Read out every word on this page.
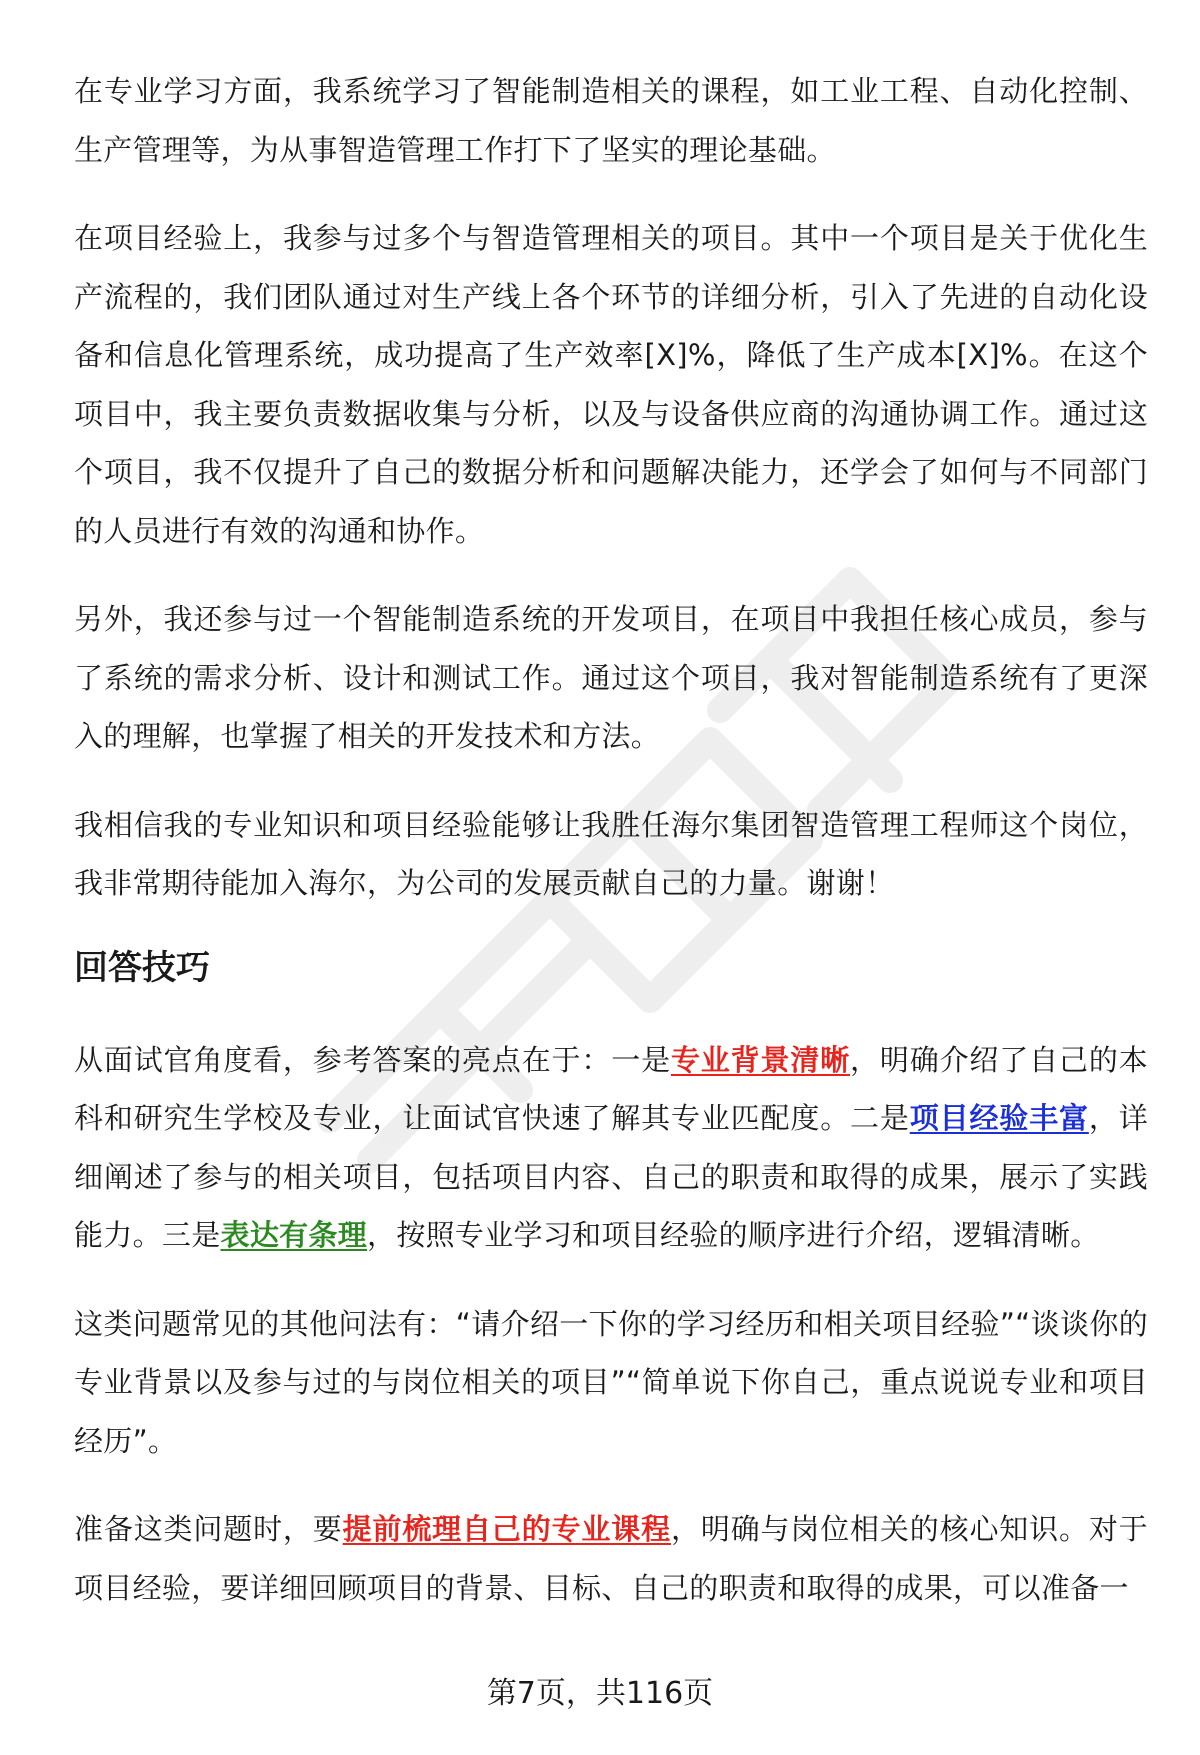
在专业学习方面，我系统学习了智能制造相关的课程，如工业工程、自动化控制、生产管理等，为从事智造管理工作打下了坚实的理论基础。

在项目经验上，我参与过多个与智造管理相关的项目。其中一个项目是关于优化生产流程的，我们团队通过对生产线上各个环节的详细分析，引入了先进的自动化设备和信息化管理系统，成功提高了生产效率[X]%，降低了生产成本[X]%。在这个项目中，我主要负责数据收集与分析，以及与设备供应商的沟通协调工作。通过这个项目，我不仅提升了自己的数据分析和问题解决能力，还学会了如何与不同部门的人员进行有效的沟通和协作。

另外，我还参与过一个智能制造系统的开发项目，在项目中我担任核心成员，参与了系统的需求分析、设计和测试工作。通过这个项目，我对智能制造系统有了更深入的理解，也掌握了相关的开发技术和方法。

我相信我的专业知识和项目经验能够让我胜任海尔集团智造管理工程师这个岗位，我非常期待能加入海尔，为公司的发展贡献自己的力量。谢谢！

回答技巧

从面试官角度看，参考答案的亮点在于：一是专业背景清晰，明确介绍了自己的本科和研究生学校及专业，让面试官快速了解其专业匹配度。二是项目经验丰富，详细阐述了参与的相关项目，包括项目内容、自己的职责和取得的成果，展示了实践能力。三是表达有条理，按照专业学习和项目经验的顺序进行介绍，逻辑清晰。

这类问题常见的其他问法有：“请介绍一下你的学习经历和相关项目经验”“谈谈你的专业背景以及参与过的与岗位相关的项目”“简单说下你自己，重点说说专业和项目经历”。

准备这类问题时，要提前梳理自己的专业课程，明确与岗位相关的核心知识。对于项目经验，要详细回顾项目的背景、目标、自己的职责和取得的成果，可以准备一

第7页，共116页
